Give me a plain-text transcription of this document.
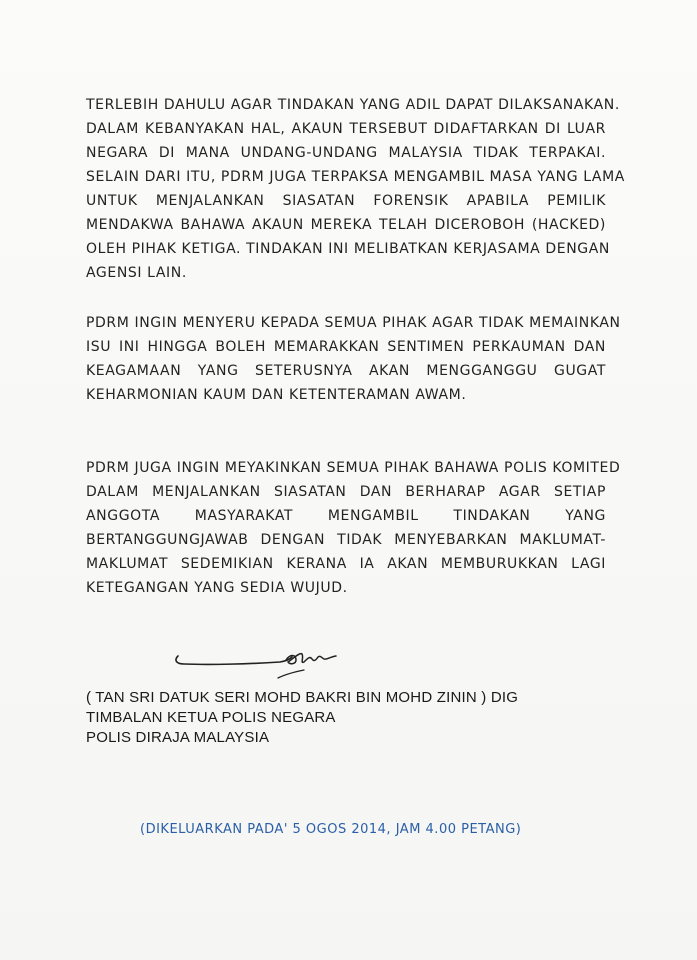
TERLEBIH DAHULU AGAR TINDAKAN YANG ADIL DAPAT DILAKSANAKAN.
DALAM KEBANYAKAN HAL, AKAUN TERSEBUT DIDAFTARKAN DI LUAR
NEGARA DI MANA UNDANG-UNDANG MALAYSIA TIDAK TERPAKAI.
SELAIN DARI ITU, PDRM JUGA TERPAKSA MENGAMBIL MASA YANG LAMA
UNTUK MENJALANKAN SIASATAN FORENSIK APABILA PEMILIK
MENDAKWA BAHAWA AKAUN MEREKA TELAH DICEROBOH (HACKED)
OLEH PIHAK KETIGA. TINDAKAN INI MELIBATKAN KERJASAMA DENGAN
AGENSI LAIN.
PDRM INGIN MENYERU KEPADA SEMUA PIHAK AGAR TIDAK MEMAINKAN
ISU INI HINGGA BOLEH MEMARAKKAN SENTIMEN PERKAUMAN DAN
KEAGAMAAN YANG SETERUSNYA AKAN MENGGANGGU GUGAT
KEHARMONIAN KAUM DAN KETENTERAMAN AWAM.
PDRM JUGA INGIN MEYAKINKAN SEMUA PIHAK BAHAWA POLIS KOMITED
DALAM MENJALANKAN SIASATAN DAN BERHARAP AGAR SETIAP
ANGGOTA MASYARAKAT MENGAMBIL TINDAKAN YANG
BERTANGGUNGJAWAB DENGAN TIDAK MENYEBARKAN MAKLUMAT-
MAKLUMAT SEDEMIKIAN KERANA IA AKAN MEMBURUKKAN LAGI
KETEGANGAN YANG SEDIA WUJUD.
( TAN SRI DATUK SERI MOHD BAKRI BIN MOHD ZININ ) DIG
TIMBALAN KETUA POLIS NEGARA
POLIS DIRAJA MALAYSIA
(DIKELUARKAN PADA' 5 OGOS 2014, JAM 4.00 PETANG)
